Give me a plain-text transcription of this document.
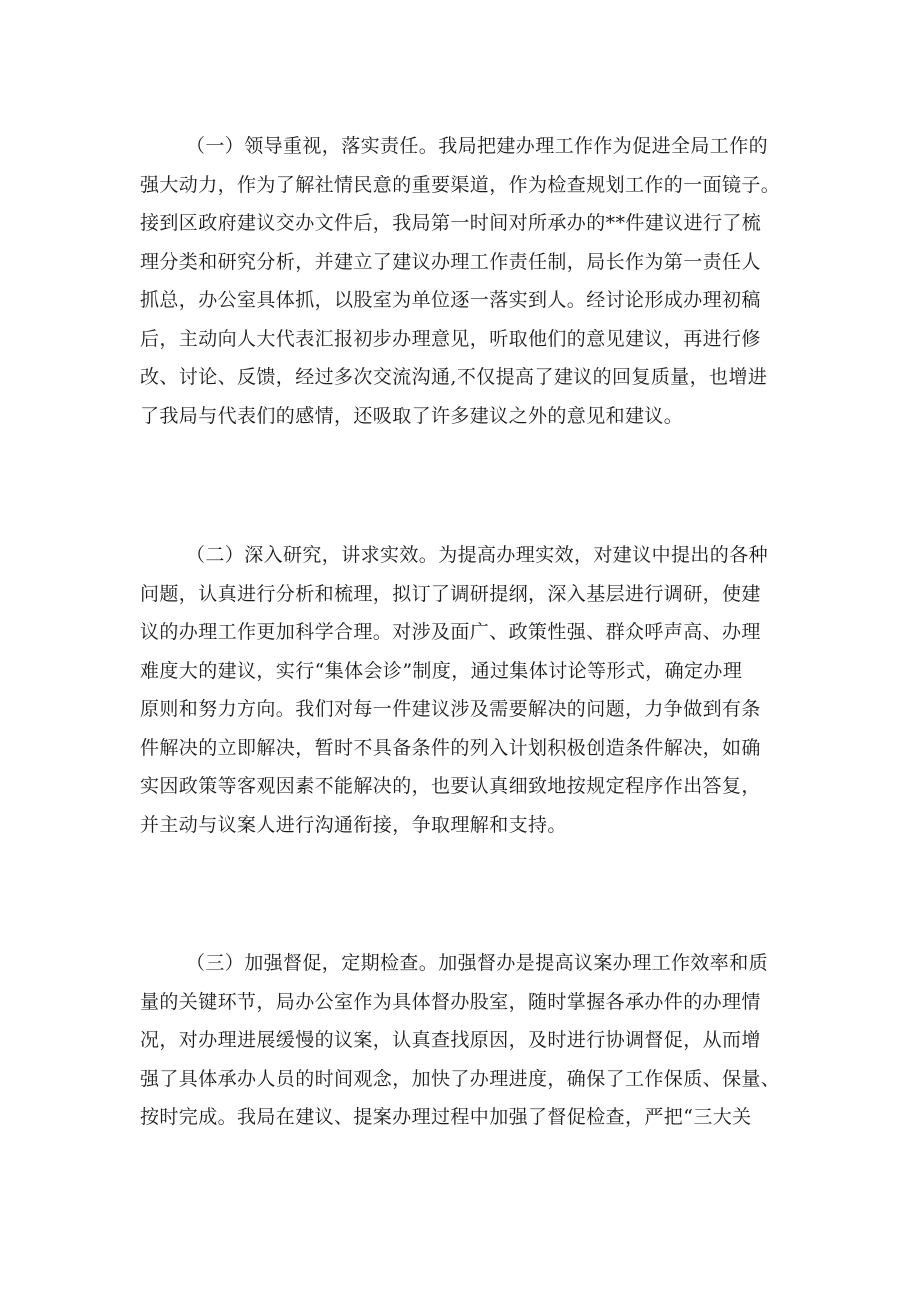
（一）领导重视，落实责任。我局把建办理工作作为促进全局工作的
强大动力，作为了解社情民意的重要渠道，作为检查规划工作的一面镜子。
接到区政府建议交办文件后，我局第一时间对所承办的**件建议进行了梳
理分类和研究分析，并建立了建议办理工作责任制，局长作为第一责任人
抓总，办公室具体抓，以股室为单位逐一落实到人。经讨论形成办理初稿
后，主动向人大代表汇报初步办理意见，听取他们的意见建议，再进行修
改、讨论、反馈，经过多次交流沟通,不仅提高了建议的回复质量，也增进
了我局与代表们的感情，还吸取了许多建议之外的意见和建议。

（二）深入研究，讲求实效。为提高办理实效，对建议中提出的各种
问题，认真进行分析和梳理，拟订了调研提纲，深入基层进行调研，使建
议的办理工作更加科学合理。对涉及面广、政策性强、群众呼声高、办理
难度大的建议，实行“集体会诊”制度，通过集体讨论等形式，确定办理
原则和努力方向。我们对每一件建议涉及需要解决的问题，力争做到有条
件解决的立即解决，暂时不具备条件的列入计划积极创造条件解决，如确
实因政策等客观因素不能解决的，也要认真细致地按规定程序作出答复，
并主动与议案人进行沟通衔接，争取理解和支持。

（三）加强督促，定期检查。加强督办是提高议案办理工作效率和质
量的关键环节，局办公室作为具体督办股室，随时掌握各承办件的办理情
况，对办理进展缓慢的议案，认真查找原因，及时进行协调督促，从而增
强了具体承办人员的时间观念，加快了办理进度，确保了工作保质、保量、
按时完成。我局在建议、提案办理过程中加强了督促检查，严把“三大关
